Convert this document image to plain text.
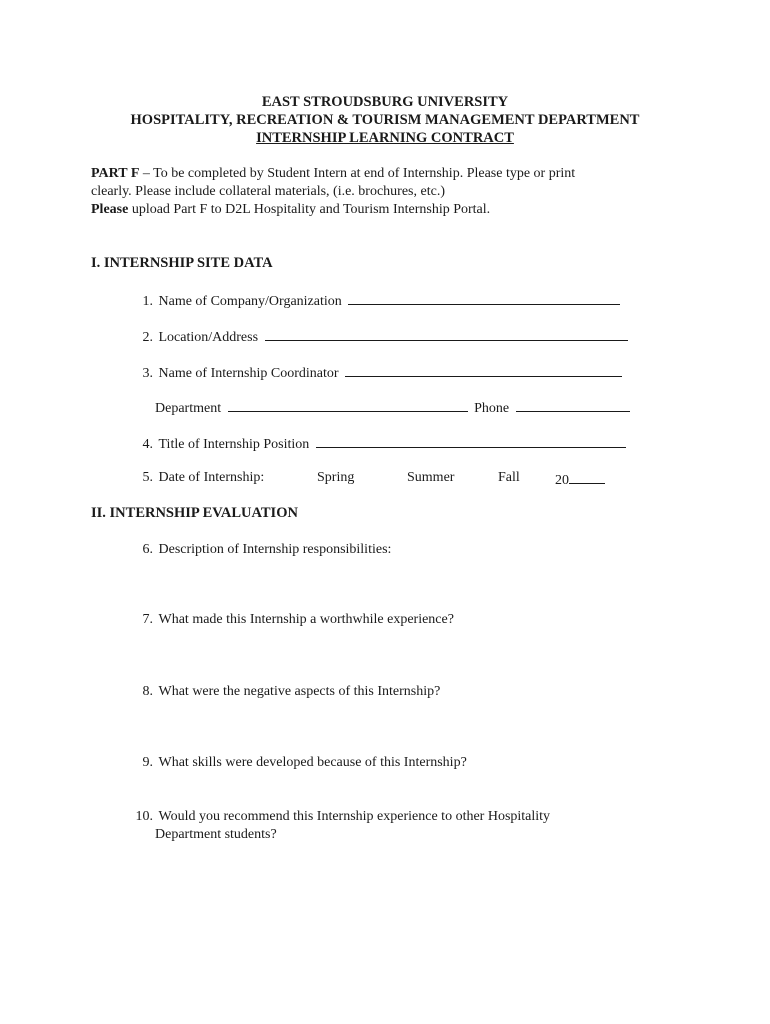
EAST STROUDSBURG UNIVERSITY
HOSPITALITY, RECREATION & TOURISM MANAGEMENT DEPARTMENT
INTERNSHIP LEARNING CONTRACT
PART F – To be completed by Student Intern at end of Internship. Please type or print
clearly. Please include collateral materials, (i.e. brochures, etc.)
Please upload Part F to D2L Hospitality and Tourism Internship Portal.
I. INTERNSHIP SITE DATA
1. Name of Company/Organization
2. Location/Address
3. Name of Internship Coordinator
Department	Phone
4. Title of Internship Position
5. Date of Internship:	Spring	Summer	Fall	20
II. INTERNSHIP EVALUATION
6. Description of Internship responsibilities:
7. What made this Internship a worthwhile experience?
8. What were the negative aspects of this Internship?
9. What skills were developed because of this Internship?
10. Would you recommend this Internship experience to other Hospitality
Department students?
